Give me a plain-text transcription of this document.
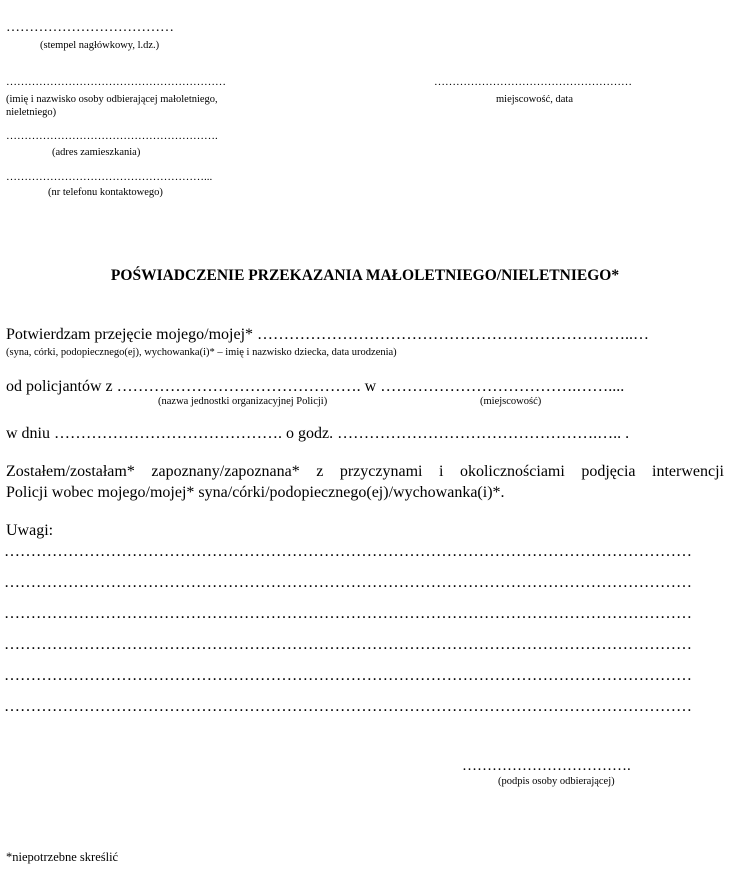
………………………………
(stempel nagłówkowy, l.dz.)
……………………………………………………
(imię i nazwisko osoby odbierającej małoletniego,
nieletniego)
………………………………………………
miejscowość, data
………………………………………………….
(adres zamieszkania)
………………………………………………...
(nr telefonu kontaktowego)
POŚWIADCZENIE PRZEKAZANIA MAŁOLETNIEGO/NIELETNIEGO*
Potwierdzam przejęcie mojego/mojej* ……………………………………………………………..…
(syna, córki, podopiecznego(ej), wychowanka(i)* – imię i nazwisko dziecka, data urodzenia)
od policjantów z ………………………………………. w ……………………………….……....
(nazwa jednostki organizacyjnej Policji)	(miejscowość)
w dniu ……………………………………. o godz. ………………………………………….….. .
Zostałem/zostałam* zapoznany/zapoznana* z przyczynami i okolicznościami podjęcia interwencji
Policji wobec mojego/mojej* syna/córki/podopiecznego(ej)/wychowanka(i)*.
Uwagi:
…………………………………………………………………………………………………………………
…………………………………………………………………………………………………………………
…………………………………………………………………………………………………………………
…………………………………………………………………………………………………………………
…………………………………………………………………………………………………………………
…………………………………………………………………………………………………………………
…………………………….
(podpis osoby odbierającej)
*niepotrzebne skreślić
